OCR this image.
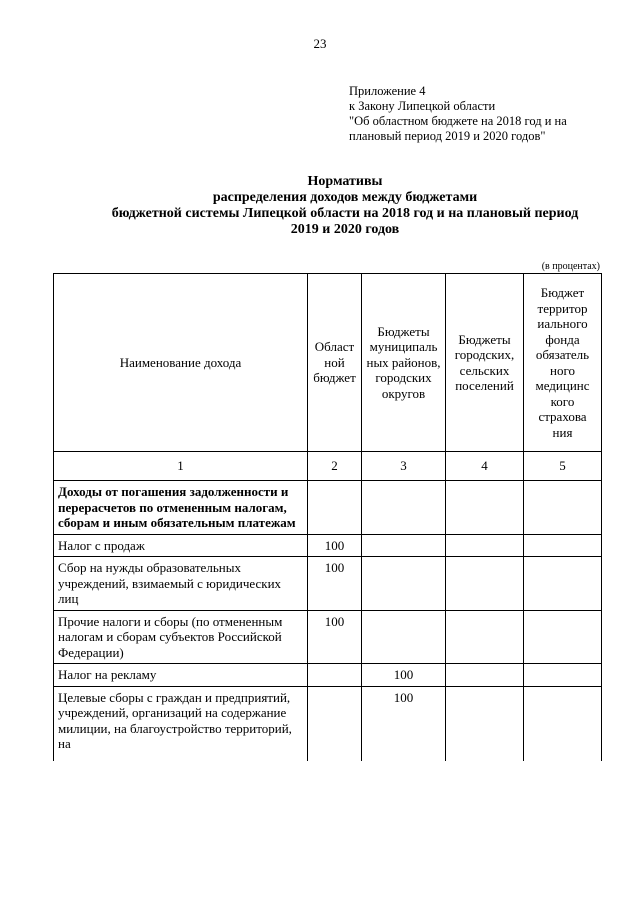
23
Приложение 4
к Закону Липецкой области
"Об областном бюджете на 2018 год и на
плановый период 2019 и 2020 годов"
Нормативы
распределения доходов между бюджетами
бюджетной системы Липецкой области на 2018 год и на плановый период
2019 и 2020 годов
(в процентах)
Наименование дохода	Област ной бюджет	Бюджеты муниципаль ных районов, городских округов	Бюджеты городских, сельских поселений	Бюджет территор иального фонда обязатель ного медицинс кого страхова ния
1	2	3	4	5
Доходы от погашения задолженности и перерасчетов по отмененным налогам, сборам и иным обязательным платежам				
Налог с продаж	100			
Сбор на нужды образовательных учреждений, взимаемый с юридических лиц	100			
Прочие налоги и сборы (по отмененным налогам и сборам субъектов Российской Федерации)	100			
Налог на рекламу		100		
Целевые сборы с граждан и предприятий, учреждений, организаций на содержание милиции, на благоустройство территорий, на		100		
